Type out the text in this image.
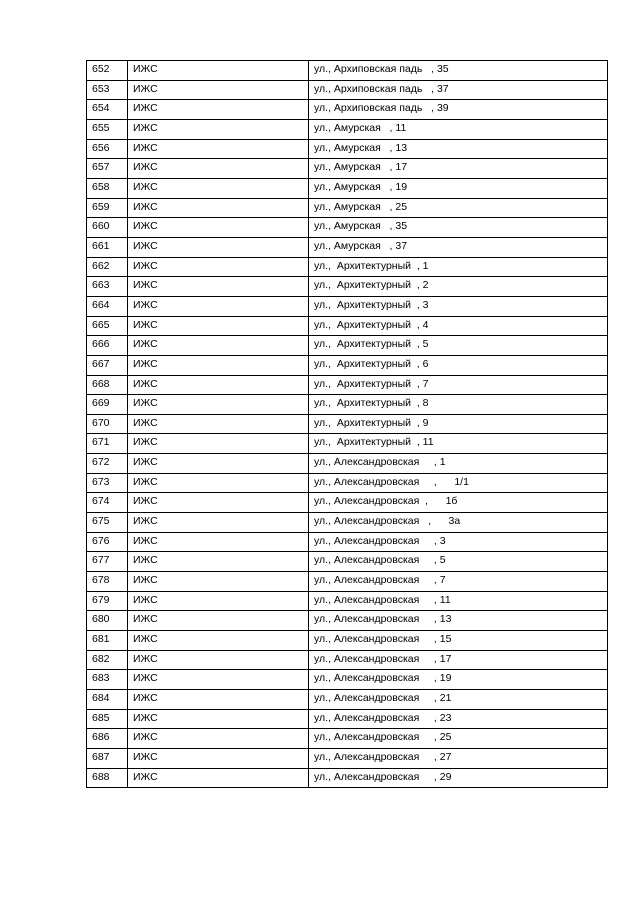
652	ИЖС	ул., Архиповская падь   , 35
653	ИЖС	ул., Архиповская падь   , 37
654	ИЖС	ул., Архиповская падь   , 39
655	ИЖС	ул., Амурская   , 11
656	ИЖС	ул., Амурская   , 13
657	ИЖС	ул., Амурская   , 17
658	ИЖС	ул., Амурская   , 19
659	ИЖС	ул., Амурская   , 25
660	ИЖС	ул., Амурская   , 35
661	ИЖС	ул., Амурская   , 37
662	ИЖС	ул.,  Архитектурный  , 1
663	ИЖС	ул.,  Архитектурный  , 2
664	ИЖС	ул.,  Архитектурный  , 3
665	ИЖС	ул.,  Архитектурный  , 4
666	ИЖС	ул.,  Архитектурный  , 5
667	ИЖС	ул.,  Архитектурный  , 6
668	ИЖС	ул.,  Архитектурный  , 7
669	ИЖС	ул.,  Архитектурный  , 8
670	ИЖС	ул.,  Архитектурный  , 9
671	ИЖС	ул.,  Архитектурный  , 11
672	ИЖС	ул., Александровская     , 1
673	ИЖС	ул., Александровская     ,      1/1
674	ИЖС	ул., Александровская  ,      1б
675	ИЖС	ул., Александровская   ,      3а
676	ИЖС	ул., Александровская     , 3
677	ИЖС	ул., Александровская     , 5
678	ИЖС	ул., Александровская     , 7
679	ИЖС	ул., Александровская     , 11
680	ИЖС	ул., Александровская     , 13
681	ИЖС	ул., Александровская     , 15
682	ИЖС	ул., Александровская     , 17
683	ИЖС	ул., Александровская     , 19
684	ИЖС	ул., Александровская     , 21
685	ИЖС	ул., Александровская     , 23
686	ИЖС	ул., Александровская     , 25
687	ИЖС	ул., Александровская     , 27
688	ИЖС	ул., Александровская     , 29
